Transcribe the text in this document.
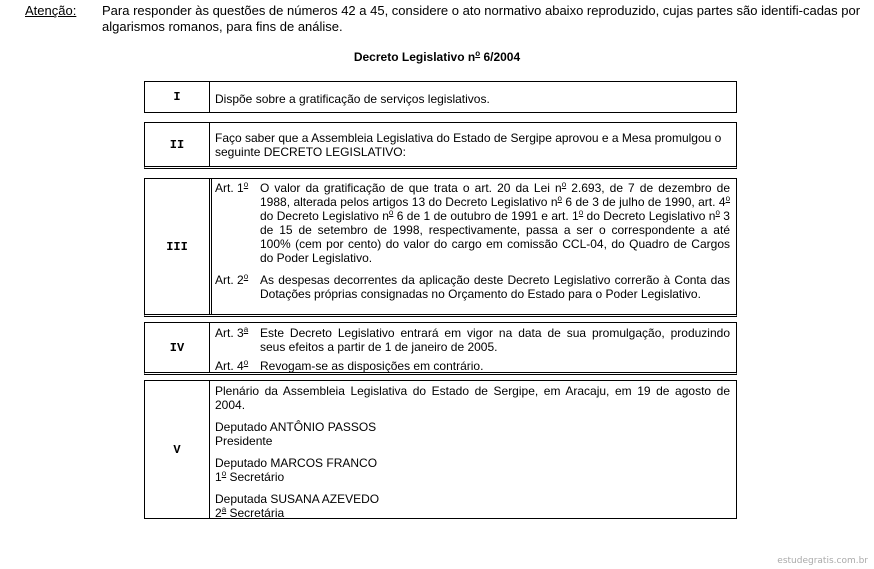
Atenção: Para responder às questões de números 42 a 45, considere o ato normativo abaixo reproduzido, cujas partes são identifi-cadas por algarismos romanos, para fins de análise.
Decreto Legislativo $n^o$ 6/2004
I	Dispõe sobre a gratificação de serviços legislativos.
II	Faço saber que a Assembleia Legislativa do Estado de Sergipe aprovou e a Mesa promulgou o seguinte DECRETO LEGISLATIVO:
III
Art. 1$^o$ O valor da gratificação de que trata o art. 20 da Lei $n^o$ 2.693, de 7 de dezembro de 1988, alterada pelos artigos 13 do Decreto Legislativo $n^o$ 6 de 3 de julho de 1990, art. 4$^o$ do Decreto Legislativo $n^o$ 6 de 1 de outubro de 1991 e art. 1$^o$ do Decreto Legislativo $n^o$ 3 de 15 de setembro de 1998, respectivamente, passa a ser o correspondente a até 100% (cem por cento) do valor do cargo em comissão CCL-04, do Quadro de Cargos do Poder Legislativo.
Art. 2$^o$ As despesas decorrentes da aplicação deste Decreto Legislativo correrão à Conta das Dotações próprias consignadas no Orçamento do Estado para o Poder Legislativo.
IV
Art. 3$^a$ Este Decreto Legislativo entrará em vigor na data de sua promulgação, produzindo seus efeitos a partir de 1 de janeiro de 2005.
Art. 4$^o$ Revogam-se as disposições em contrário.
V
Plenário da Assembleia Legislativa do Estado de Sergipe, em Aracaju, em 19 de agosto de 2004.
Deputado ANTÔNIO PASSOS
Presidente
Deputado MARCOS FRANCO
1$^o$ Secretário
Deputada SUSANA AZEVEDO
2$^a$ Secretária
estudegratis.com.br
